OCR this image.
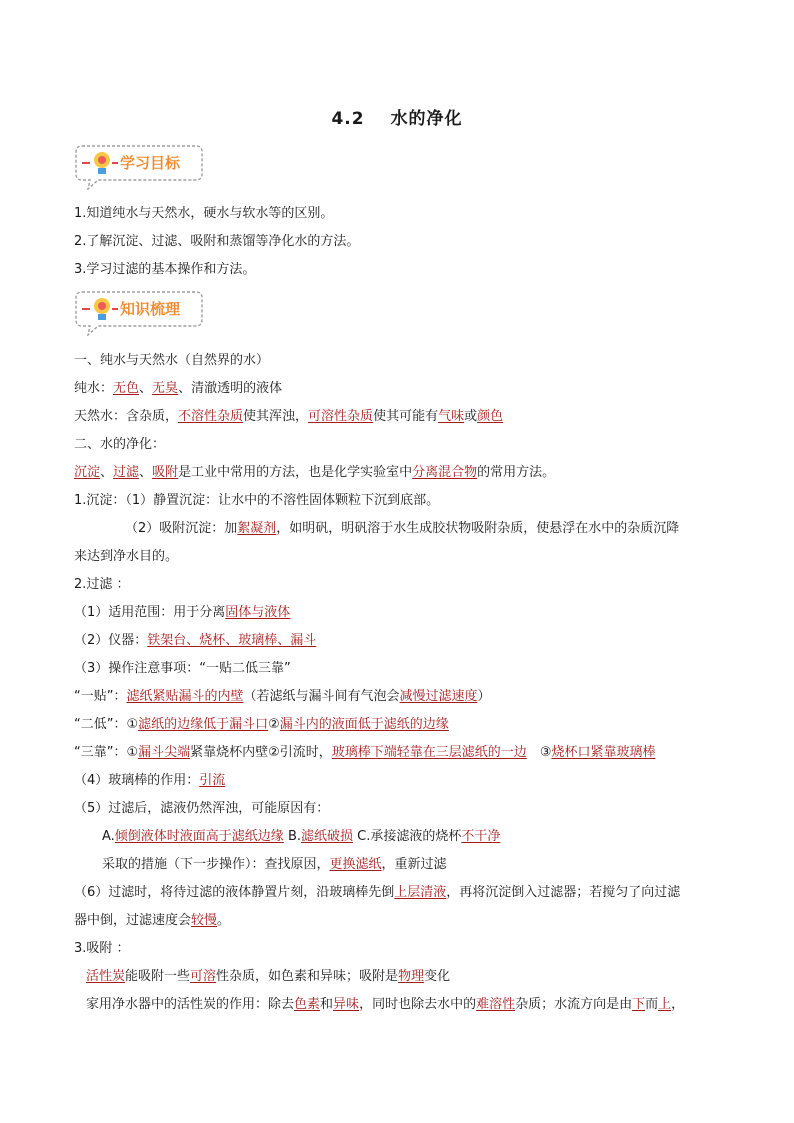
4.2 水的净化
学习目标
知识梳理
1.知道纯水与天然水，硬水与软水等的区别。
2.了解沉淀、过滤、吸附和蒸馏等净化水的方法。
3.学习过滤的基本操作和方法。
一、纯水与天然水（自然界的水）
纯水：无色、无臭、清澈透明的液体
天然水：含杂质，不溶性杂质使其浑浊，可溶性杂质使其可能有气味或颜色
二、水的净化：
沉淀、过滤、吸附是工业中常用的方法，也是化学实验室中分离混合物的常用方法。
1.沉淀：（1）静置沉淀：让水中的不溶性固体颗粒下沉到底部。
（2）吸附沉淀：加絮凝剂，如明矾，明矾溶于水生成胶状物吸附杂质，使悬浮在水中的杂质沉降
来达到净水目的。
2.过滤 ：
（1）适用范围：用于分离固体与液体
（2）仪器：铁架台、烧杯、玻璃棒、漏斗
（3）操作注意事项：“一贴二低三靠”
“一贴”：滤纸紧贴漏斗的内壁（若滤纸与漏斗间有气泡会减慢过滤速度）
“二低”：①滤纸的边缘低于漏斗口②漏斗内的液面低于滤纸的边缘
“三靠”：①漏斗尖端紧靠烧杯内壁②引流时，玻璃棒下端轻靠在三层滤纸的一边　③烧杯口紧靠玻璃棒
（4）玻璃棒的作用：引流
（5）过滤后，滤液仍然浑浊，可能原因有：
A.倾倒液体时液面高于滤纸边缘 B.滤纸破损 C.承接滤液的烧杯不干净
采取的措施（下一步操作）：查找原因，更换滤纸，重新过滤
（6）过滤时，将待过滤的液体静置片刻，沿玻璃棒先倒上层清液，再将沉淀倒入过滤器；若搅匀了向过滤
器中倒，过滤速度会较慢。
3.吸附 ：
活性炭能吸附一些可溶性杂质，如色素和异味；吸附是物理变化
家用净水器中的活性炭的作用：除去色素和异味，同时也除去水中的难溶性杂质；水流方向是由下而上，
